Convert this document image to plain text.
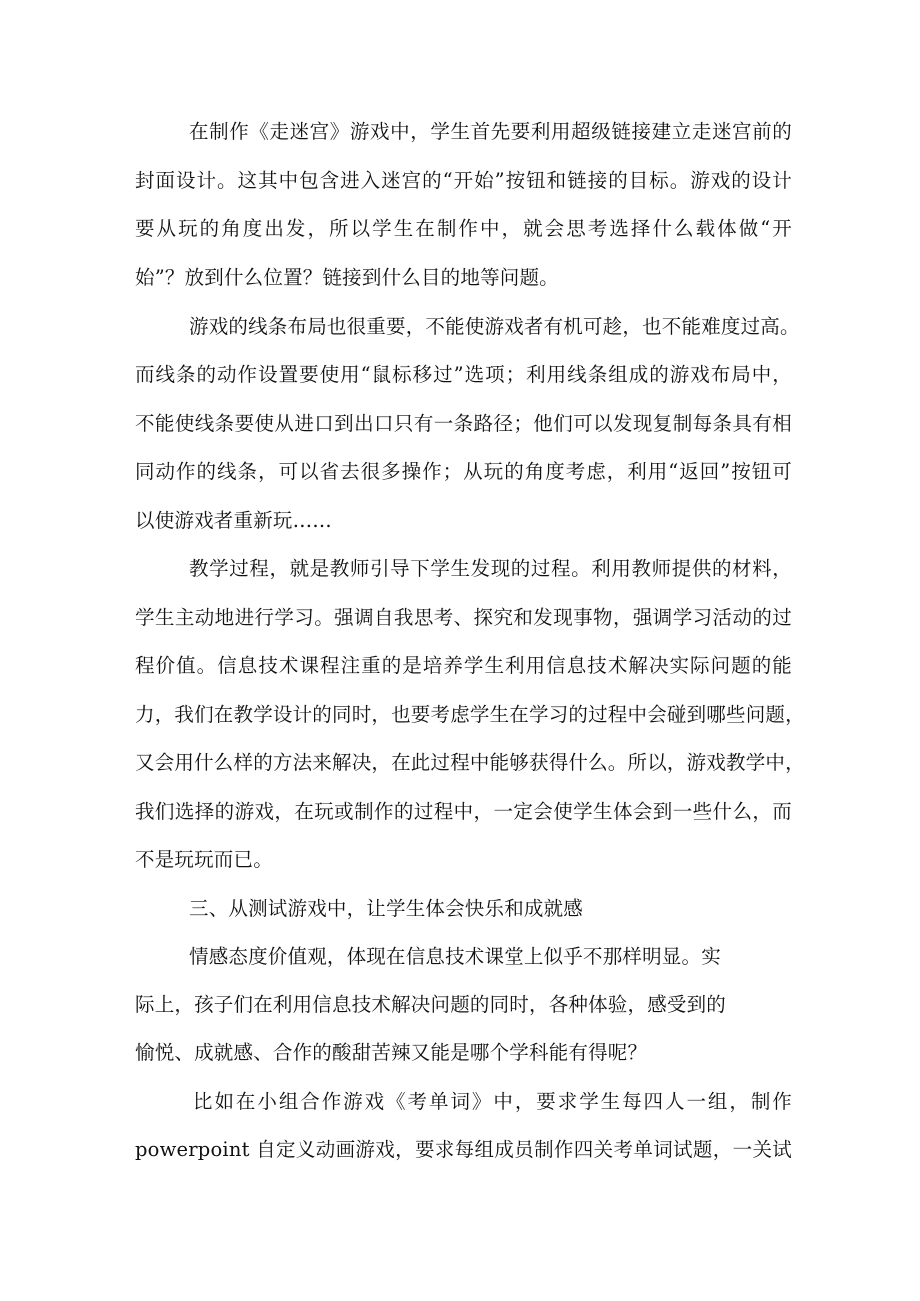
在制作《走迷宫》游戏中，学生首先要利用超级链接建立走迷宫前的
封面设计。这其中包含进入迷宫的“开始”按钮和链接的目标。游戏的设计
要从玩的角度出发，所以学生在制作中，就会思考选择什么载体做“开
始”？放到什么位置？链接到什么目的地等问题。
游戏的线条布局也很重要，不能使游戏者有机可趁，也不能难度过高。
而线条的动作设置要使用“鼠标移过”选项；利用线条组成的游戏布局中，
不能使线条要使从进口到出口只有一条路径；他们可以发现复制每条具有相
同动作的线条，可以省去很多操作；从玩的角度考虑，利用“返回”按钮可
以使游戏者重新玩……
教学过程，就是教师引导下学生发现的过程。利用教师提供的材料，
学生主动地进行学习。强调自我思考、探究和发现事物，强调学习活动的过
程价值。信息技术课程注重的是培养学生利用信息技术解决实际问题的能
力，我们在教学设计的同时，也要考虑学生在学习的过程中会碰到哪些问题，
又会用什么样的方法来解决，在此过程中能够获得什么。所以，游戏教学中，
我们选择的游戏，在玩或制作的过程中，一定会使学生体会到一些什么，而
不是玩玩而已。
三、从测试游戏中，让学生体会快乐和成就感
情感态度价值观，体现在信息技术课堂上似乎不那样明显。实
际上，孩子们在利用信息技术解决问题的同时，各种体验，感受到的
愉悦、成就感、合作的酸甜苦辣又能是哪个学科能有得呢？
比如在小组合作游戏《考单词》中，要求学生每四人一组，制作
powerpoint 自定义动画游戏，要求每组成员制作四关考单词试题，一关试
